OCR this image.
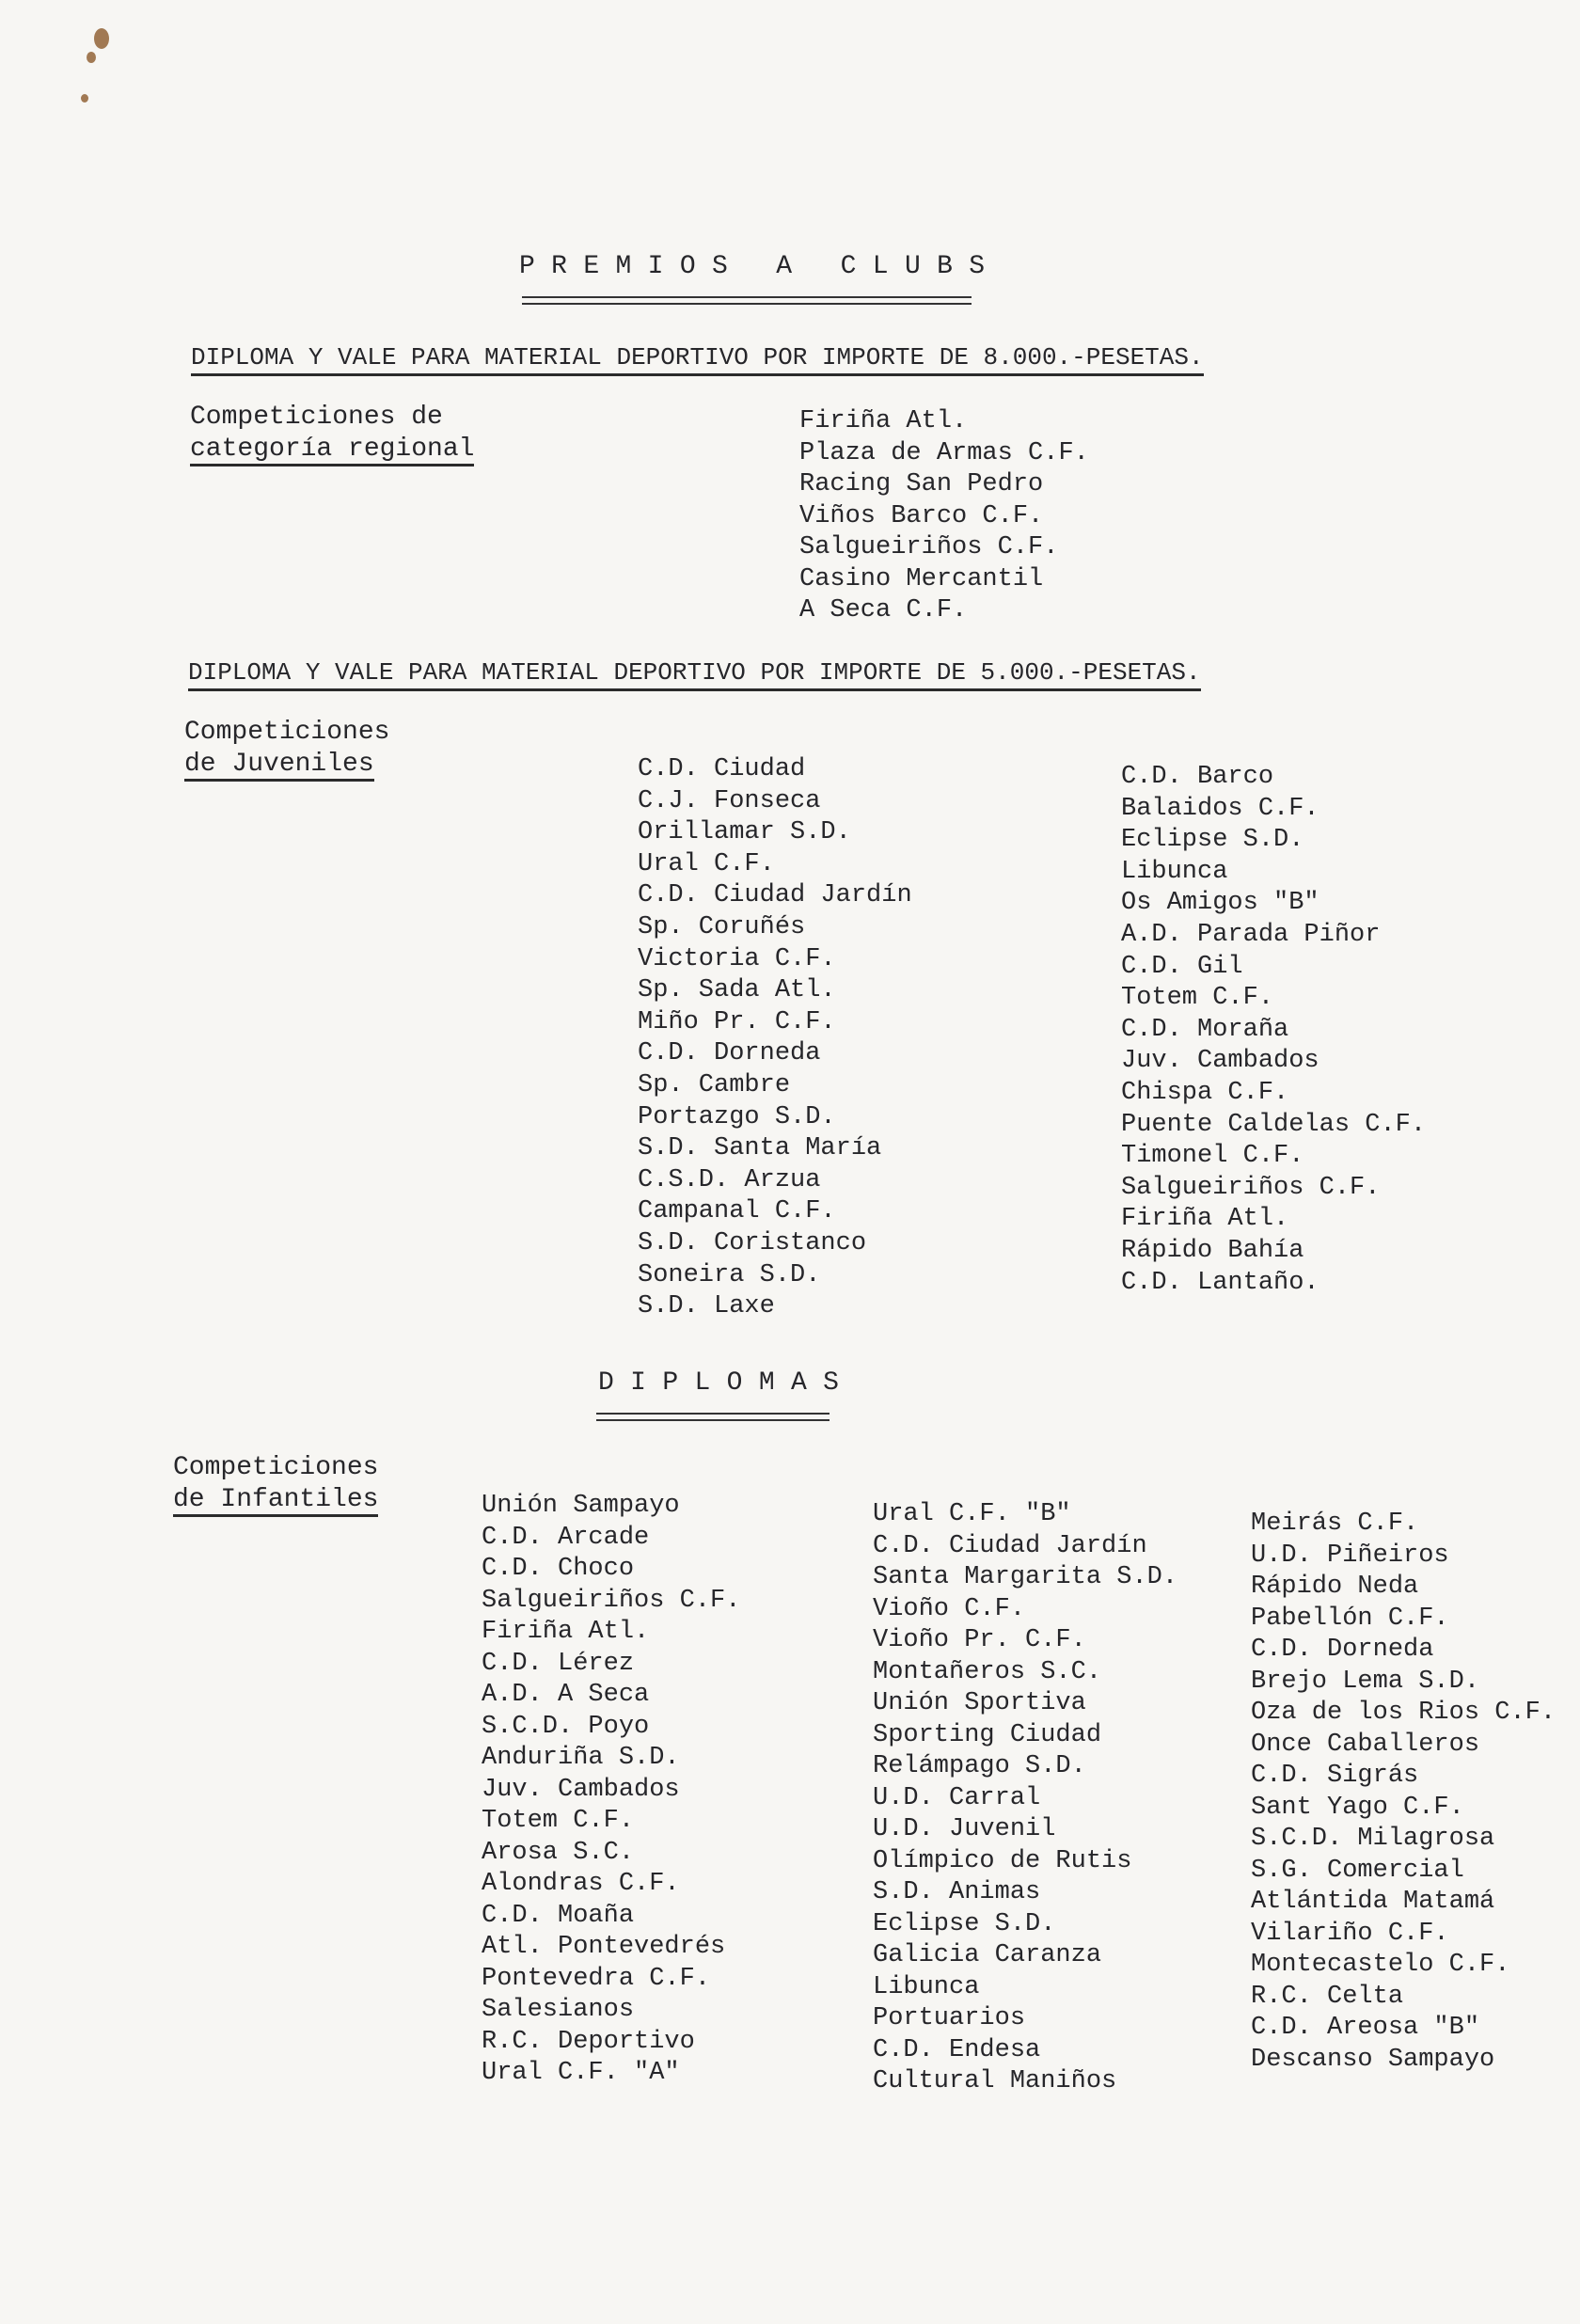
PREMIOS A CLUBS
DIPLOMA Y VALE PARA MATERIAL DEPORTIVO POR IMPORTE DE 8.000.-PESETAS.
Competiciones de
categoría regional
Firiña Atl.
Plaza de Armas C.F.
Racing San Pedro
Viños Barco C.F.
Salgueiriños C.F.
Casino Mercantil
A Seca C.F.
DIPLOMA Y VALE PARA MATERIAL DEPORTIVO POR IMPORTE DE 5.000.-PESETAS.
Competiciones
de Juveniles	C.D. Ciudad
C.J. Fonseca
Orillamar S.D.
Ural C.F.
C.D. Ciudad Jardín
Sp. Coruñés
Victoria C.F.
Sp. Sada Atl.
Miño Pr. C.F.
C.D. Dorneda
Sp. Cambre
Portazgo S.D.
S.D. Santa María
C.S.D. Arzua
Campanal C.F.
S.D. Coristanco
Soneira S.D.
S.D. Laxe
C.D. Barco
Balaidos C.F.
Eclipse S.D.
Libunca
Os Amigos "B"
A.D. Parada Piñor
C.D. Gil
Totem C.F.
C.D. Moraña
Juv. Cambados
Chispa C.F.
Puente Caldelas C.F.
Timonel C.F.
Salgueiriños C.F.
Firiña Atl.
Rápido Bahía
C.D. Lantaño.
DIPLOMAS
Competiciones
de Infantiles	Unión Sampayo
C.D. Arcade
C.D. Choco
Salgueiriños C.F.
Firiña Atl.
C.D. Lérez
A.D. A Seca
S.C.D. Poyo
Anduriña S.D.
Juv. Cambados
Totem C.F.
Arosa S.C.
Alondras C.F.
C.D. Moaña
Atl. Pontevedrés
Pontevedra C.F.
Salesianos
R.C. Deportivo
Ural C.F. "A"
Ural C.F. "B"
C.D. Ciudad Jardín
Santa Margarita S.D.
Vioño C.F.
Vioño Pr. C.F.
Montañeros S.C.
Unión Sportiva
Sporting Ciudad
Relámpago S.D.
U.D. Carral
U.D. Juvenil
Olímpico de Rutis
S.D. Animas
Eclipse S.D.
Galicia Caranza
Libunca
Portuarios
C.D. Endesa
Cultural Maniños
Meirás C.F.
U.D. Piñeiros
Rápido Neda
Pabellón C.F.
C.D. Dorneda
Brejo Lema S.D.
Oza de los Rios C.F.
Once Caballeros
C.D. Sigrás
Sant Yago C.F.
S.C.D. Milagrosa
S.G. Comercial
Atlántida Matamá
Vilariño C.F.
Montecastelo C.F.
R.C. Celta
C.D. Areosa "B"
Descanso Sampayo
